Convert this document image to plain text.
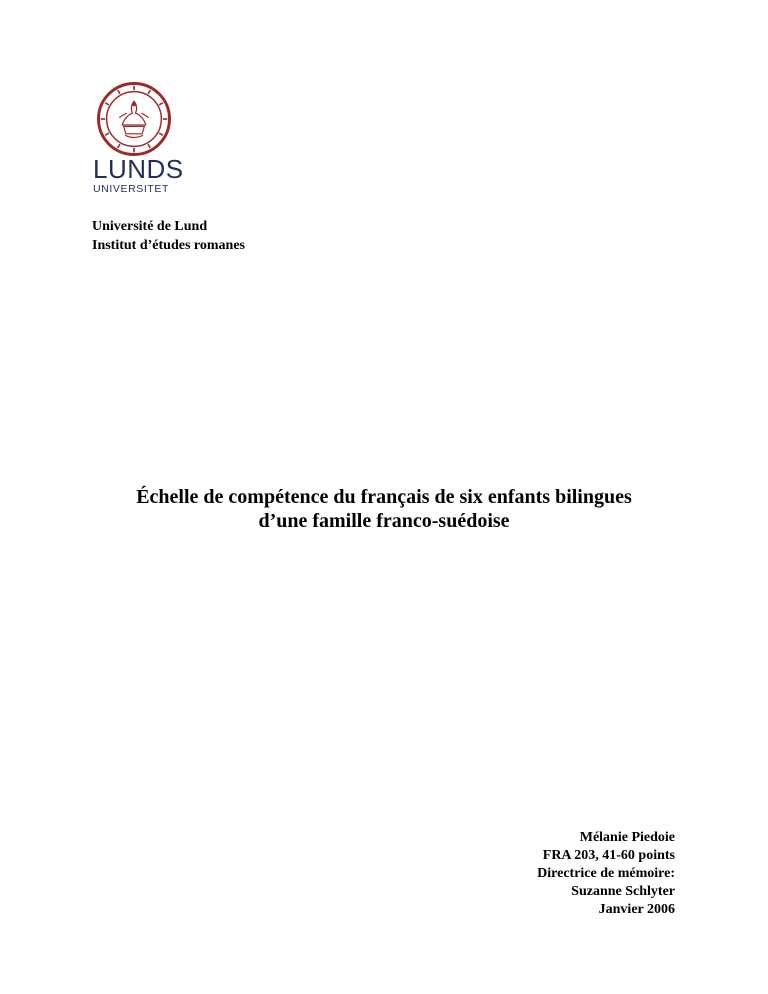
LUNDS
UNIVERSITET
Université de Lund
Institut d’études romanes
Échelle de compétence du français de six enfants bilingues
d’une famille franco-suédoise
Mélanie Piedoie
FRA 203, 41-60 points
Directrice de mémoire:
Suzanne Schlyter
Janvier 2006
